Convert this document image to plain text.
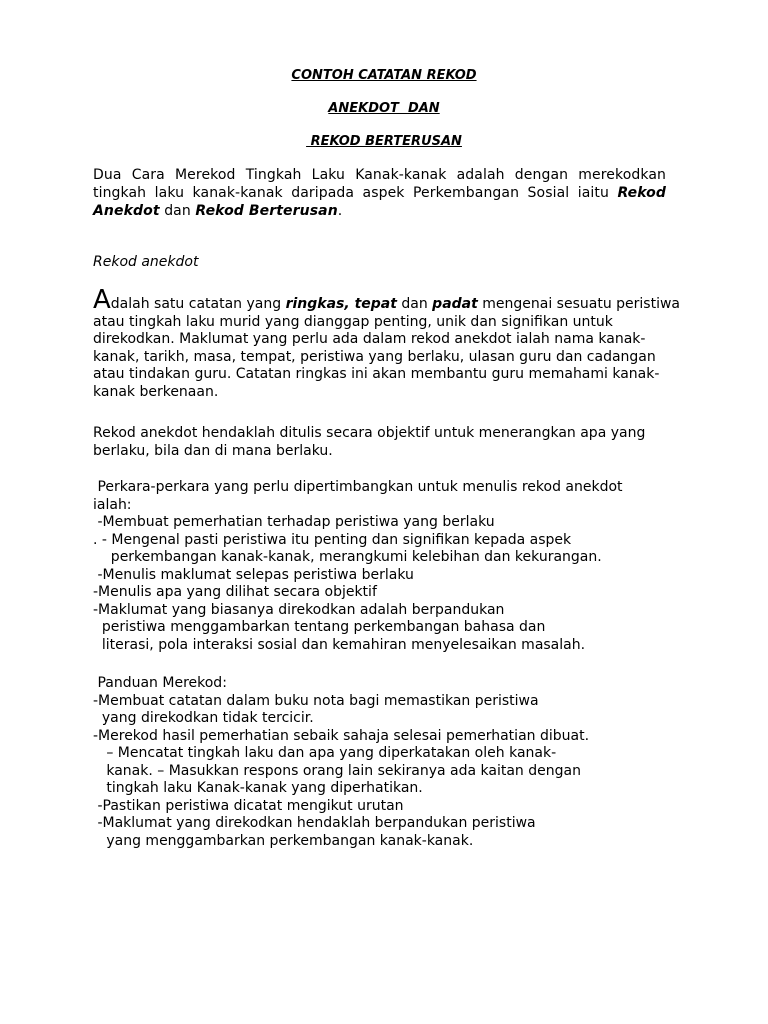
CONTOH CATATAN REKOD

ANEKDOT  DAN

REKOD BERTERUSAN

Dua Cara Merekod Tingkah Laku Kanak-kanak adalah dengan merekodkan tingkah laku kanak-kanak daripada aspek Perkembangan Sosial iaitu Rekod Anekdot dan Rekod Berterusan.

Rekod anekdot

Adalah satu catatan yang ringkas, tepat dan padat mengenai sesuatu peristiwa
atau tingkah laku murid yang dianggap penting, unik dan signifikan untuk
direkodkan. Maklumat yang perlu ada dalam rekod anekdot ialah nama kanak-
kanak, tarikh, masa, tempat, peristiwa yang berlaku, ulasan guru dan cadangan
atau tindakan guru. Catatan ringkas ini akan membantu guru memahami kanak-
kanak berkenaan.

Rekod anekdot hendaklah ditulis secara objektif untuk menerangkan apa yang
berlaku, bila dan di mana berlaku.

Perkara-perkara yang perlu dipertimbangkan untuk menulis rekod anekdot
ialah:
-Membuat pemerhatian terhadap peristiwa yang berlaku
. - Mengenal pasti peristiwa itu penting dan signifikan kepada aspek
perkembangan kanak-kanak, merangkumi kelebihan dan kekurangan.
-Menulis maklumat selepas peristiwa berlaku
-Menulis apa yang dilihat secara objektif
-Maklumat yang biasanya direkodkan adalah berpandukan
peristiwa menggambarkan tentang perkembangan bahasa dan
literasi, pola interaksi sosial dan kemahiran menyelesaikan masalah.

Panduan Merekod:
-Membuat catatan dalam buku nota bagi memastikan peristiwa
yang direkodkan tidak tercicir.
-Merekod hasil pemerhatian sebaik sahaja selesai pemerhatian dibuat.
– Mencatat tingkah laku dan apa yang diperkatakan oleh kanak-
kanak. – Masukkan respons orang lain sekiranya ada kaitan dengan
tingkah laku Kanak-kanak yang diperhatikan.
-Pastikan peristiwa dicatat mengikut urutan
-Maklumat yang direkodkan hendaklah berpandukan peristiwa
yang menggambarkan perkembangan kanak-kanak.
